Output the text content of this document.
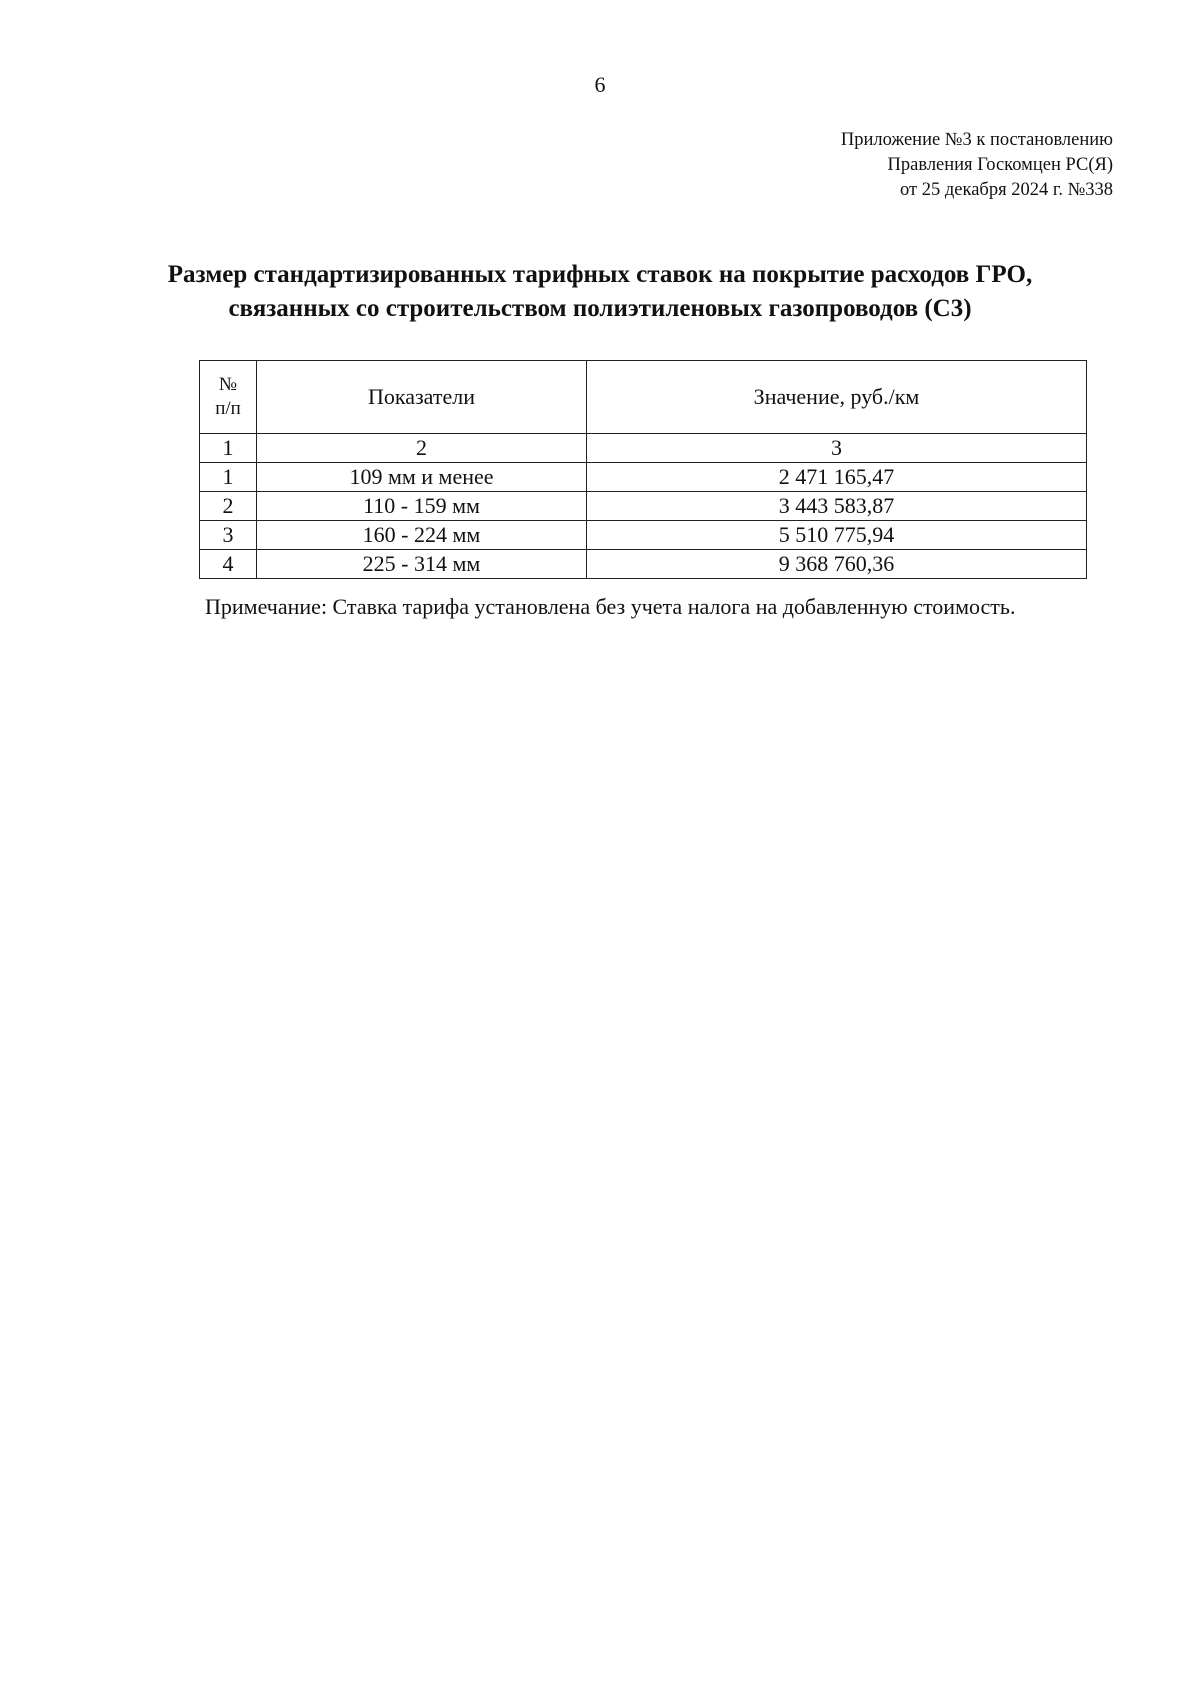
6
Приложение №3 к постановлению
Правления Госкомцен РС(Я)
от 25 декабря 2024 г. №338
Размер стандартизированных тарифных ставок на покрытие расходов ГРО,
связанных со строительством полиэтиленовых газопроводов (С3)
№
п/п	Показатели	Значение, руб./км
1	2	3
1	109 мм и менее	2 471 165,47
2	110 - 159 мм	3 443 583,87
3	160 - 224 мм	5 510 775,94
4	225 - 314 мм	9 368 760,36
Примечание: Ставка тарифа установлена без учета налога на добавленную стоимость.
